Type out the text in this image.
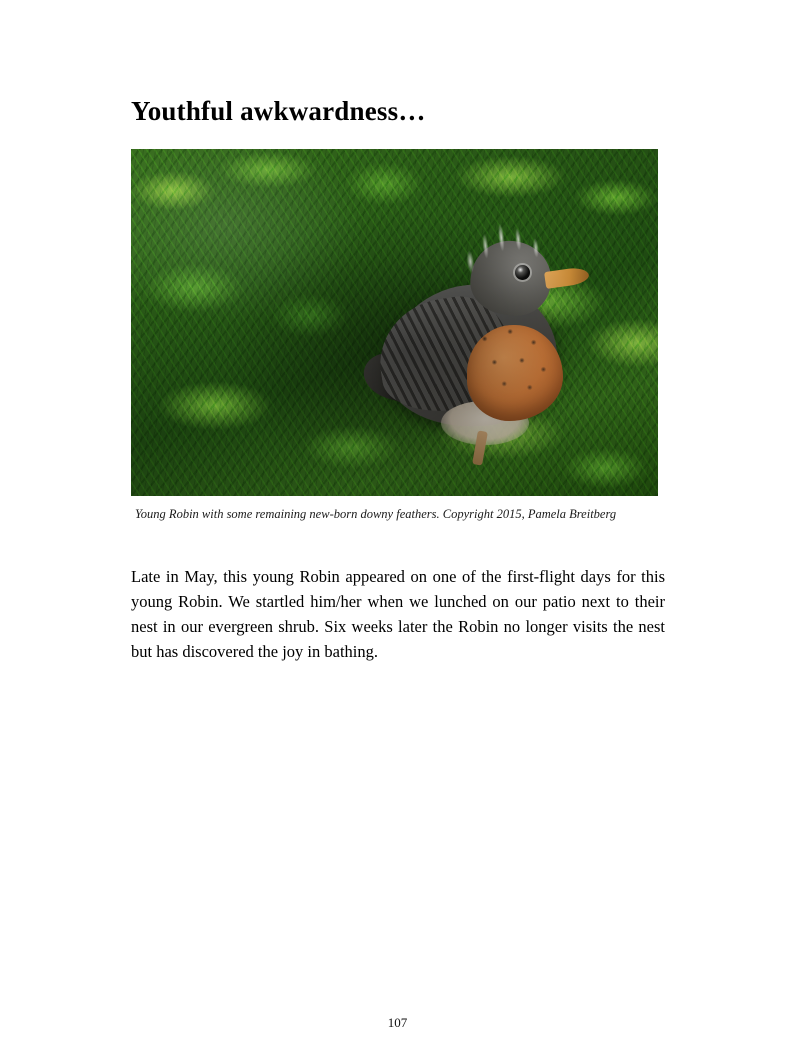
Youthful awkwardness…
Young Robin with some remaining new-born downy feathers. Copyright 2015, Pamela Breitberg

Late in May, this young Robin appeared on one of the first-flight days for this young Robin. We startled him/her when we lunched on our patio next to their nest in our evergreen shrub. Six weeks later the Robin no longer visits the nest but has discovered the joy in bathing.

107
